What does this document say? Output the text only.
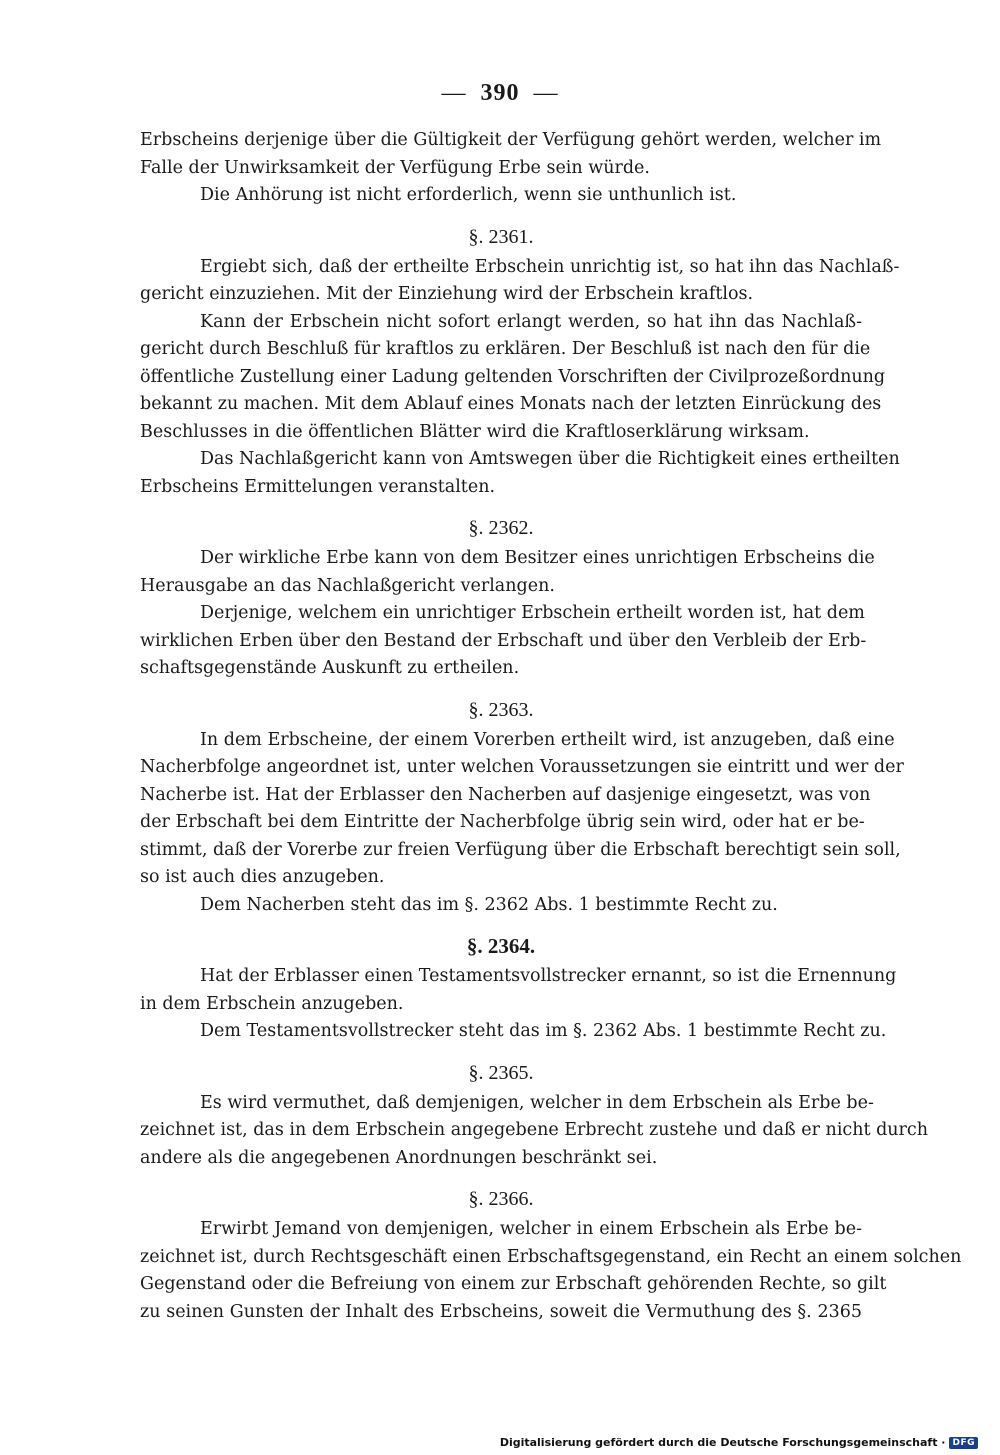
— 390 —
Erbscheins derjenige über die Gültigkeit der Verfügung gehört werden, welcher im
Falle der Unwirksamkeit der Verfügung Erbe sein würde.
Die Anhörung ist nicht erforderlich, wenn sie unthunlich ist.
§. 2361.
Ergiebt sich, daß der ertheilte Erbschein unrichtig ist, so hat ihn das Nachlaß-
gericht einzuziehen. Mit der Einziehung wird der Erbschein kraftlos.
Kann der Erbschein nicht sofort erlangt werden, so hat ihn das Nachlaß-
gericht durch Beschluß für kraftlos zu erklären. Der Beschluß ist nach den für die
öffentliche Zustellung einer Ladung geltenden Vorschriften der Civilprozeßordnung
bekannt zu machen. Mit dem Ablauf eines Monats nach der letzten Einrückung des
Beschlusses in die öffentlichen Blätter wird die Kraftloserklärung wirksam.
Das Nachlaßgericht kann von Amtswegen über die Richtigkeit eines ertheilten
Erbscheins Ermittelungen veranstalten.
§. 2362.
Der wirkliche Erbe kann von dem Besitzer eines unrichtigen Erbscheins die
Herausgabe an das Nachlaßgericht verlangen.
Derjenige, welchem ein unrichtiger Erbschein ertheilt worden ist, hat dem
wirklichen Erben über den Bestand der Erbschaft und über den Verbleib der Erb-
schaftsgegenstände Auskunft zu ertheilen.
§. 2363.
In dem Erbscheine, der einem Vorerben ertheilt wird, ist anzugeben, daß eine
Nacherbfolge angeordnet ist, unter welchen Voraussetzungen sie eintritt und wer der
Nacherbe ist. Hat der Erblasser den Nacherben auf dasjenige eingesetzt, was von
der Erbschaft bei dem Eintritte der Nacherbfolge übrig sein wird, oder hat er be-
stimmt, daß der Vorerbe zur freien Verfügung über die Erbschaft berechtigt sein soll,
so ist auch dies anzugeben.
Dem Nacherben steht das im §. 2362 Abs. 1 bestimmte Recht zu.
§. 2364.
Hat der Erblasser einen Testamentsvollstrecker ernannt, so ist die Ernennung
in dem Erbschein anzugeben.
Dem Testamentsvollstrecker steht das im §. 2362 Abs. 1 bestimmte Recht zu.
§. 2365.
Es wird vermuthet, daß demjenigen, welcher in dem Erbschein als Erbe be-
zeichnet ist, das in dem Erbschein angegebene Erbrecht zustehe und daß er nicht durch
andere als die angegebenen Anordnungen beschränkt sei.
§. 2366.
Erwirbt Jemand von demjenigen, welcher in einem Erbschein als Erbe be-
zeichnet ist, durch Rechtsgeschäft einen Erbschaftsgegenstand, ein Recht an einem solchen
Gegenstand oder die Befreiung von einem zur Erbschaft gehörenden Rechte, so gilt
zu seinen Gunsten der Inhalt des Erbscheins, soweit die Vermuthung des §. 2365
Digitalisierung gefördert durch die Deutsche Forschungsgemeinschaft · DFG
